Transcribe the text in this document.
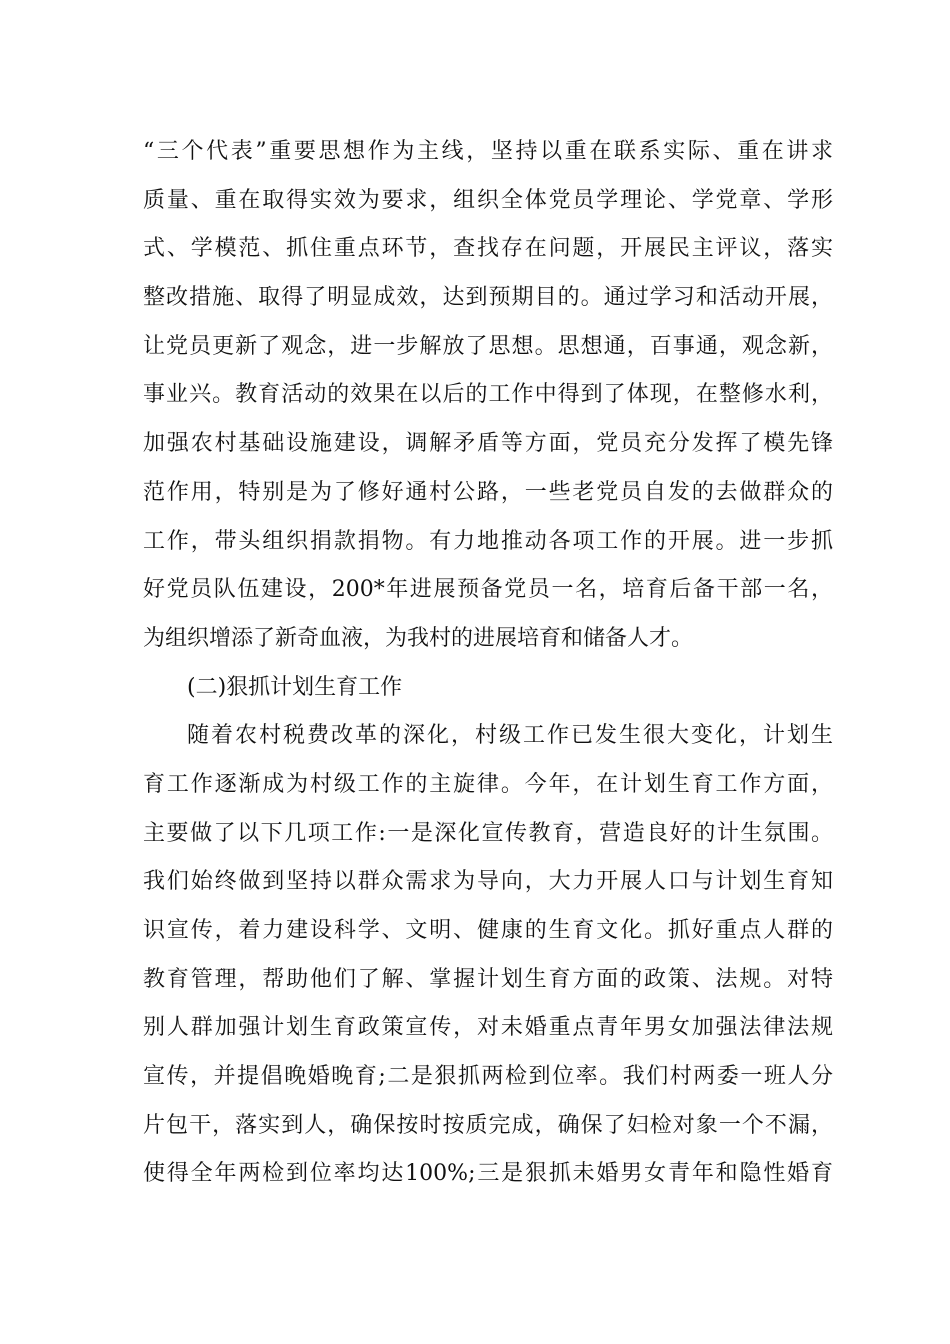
“三个代表”重要思想作为主线，坚持以重在联系实际、重在讲求
质量、重在取得实效为要求，组织全体党员学理论、学党章、学形
式、学模范、抓住重点环节，查找存在问题，开展民主评议，落实
整改措施、取得了明显成效，达到预期目的。通过学习和活动开展，
让党员更新了观念，进一步解放了思想。思想通，百事通，观念新，
事业兴。教育活动的效果在以后的工作中得到了体现，在整修水利，
加强农村基础设施建设，调解矛盾等方面，党员充分发挥了模先锋
范作用，特别是为了修好通村公路，一些老党员自发的去做群众的
工作，带头组织捐款捐物。有力地推动各项工作的开展。进一步抓
好党员队伍建设，200*年进展预备党员一名，培育后备干部一名，
为组织增添了新奇血液，为我村的进展培育和储备人才。
(二)狠抓计划生育工作
随着农村税费改革的深化，村级工作已发生很大变化，计划生
育工作逐渐成为村级工作的主旋律。今年，在计划生育工作方面，
主要做了以下几项工作:一是深化宣传教育，营造良好的计生氛围。
我们始终做到坚持以群众需求为导向，大力开展人口与计划生育知
识宣传，着力建设科学、文明、健康的生育文化。抓好重点人群的
教育管理，帮助他们了解、掌握计划生育方面的政策、法规。对特
别人群加强计划生育政策宣传，对未婚重点青年男女加强法律法规
宣传，并提倡晚婚晚育;二是狠抓两检到位率。我们村两委一班人分
片包干，落实到人，确保按时按质完成，确保了妇检对象一个不漏，
使得全年两检到位率均达100%;三是狠抓未婚男女青年和隐性婚育
